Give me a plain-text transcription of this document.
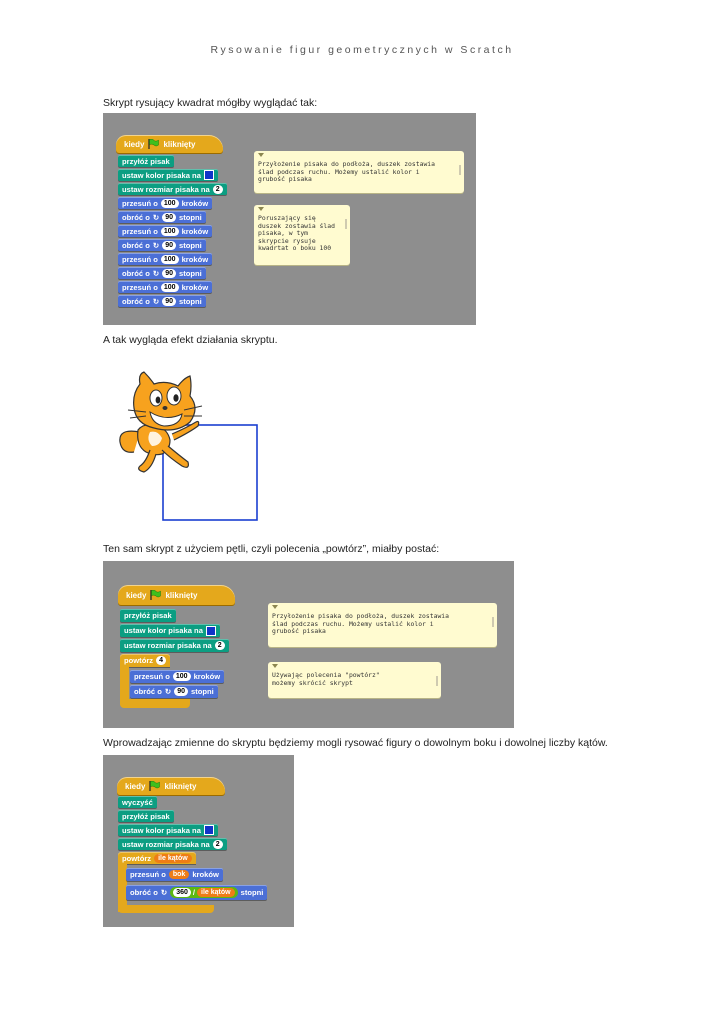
Rysowanie figur geometrycznych w Scratch
Skrypt rysujący kwadrat mógłby wyglądać tak:
kiedy kliknięty
przyłóż pisak
ustaw kolor pisaka na
ustaw rozmiar pisaka na 2
przesuń o 100 kroków
obróć o ↻ 90 stopni
przesuń o 100 kroków
obróć o ↻ 90 stopni
przesuń o 100 kroków
obróć o ↻ 90 stopni
przesuń o 100 kroków
obróć o ↻ 90 stopni
Przyłożenie pisaka do podłoża, duszek zostawia
ślad podczas ruchu. Możemy ustalić kolor i
grubość pisaka
Poruszający się
duszek zostawia ślad
pisaka, w tym
skrypcie rysuje
kwadrtat o boku 100
A tak wygląda efekt działania skryptu.
Ten sam skrypt z użyciem pętli, czyli polecenia „powtórz”, miałby postać:
kiedy kliknięty
przyłóż pisak
ustaw kolor pisaka na
ustaw rozmiar pisaka na 2
powtórz 4
przesuń o 100 kroków
obróć o ↻ 90 stopni
Przyłożenie pisaka do podłoża, duszek zostawia
ślad podczas ruchu. Możemy ustalić kolor i
grubość pisaka
Używając polecenia "powtórz"
możemy skrócić skrypt
Wprowadzając zmienne do skryptu będziemy mogli rysować figury o dowolnym boku i dowolnej liczby kątów.
kiedy kliknięty
wyczyść
przyłóż pisak
ustaw kolor pisaka na
ustaw rozmiar pisaka na 2
powtórz	ile kątów
przesuń o	bok kroków
obróć o ↻	360 / ile kątów	stopni
